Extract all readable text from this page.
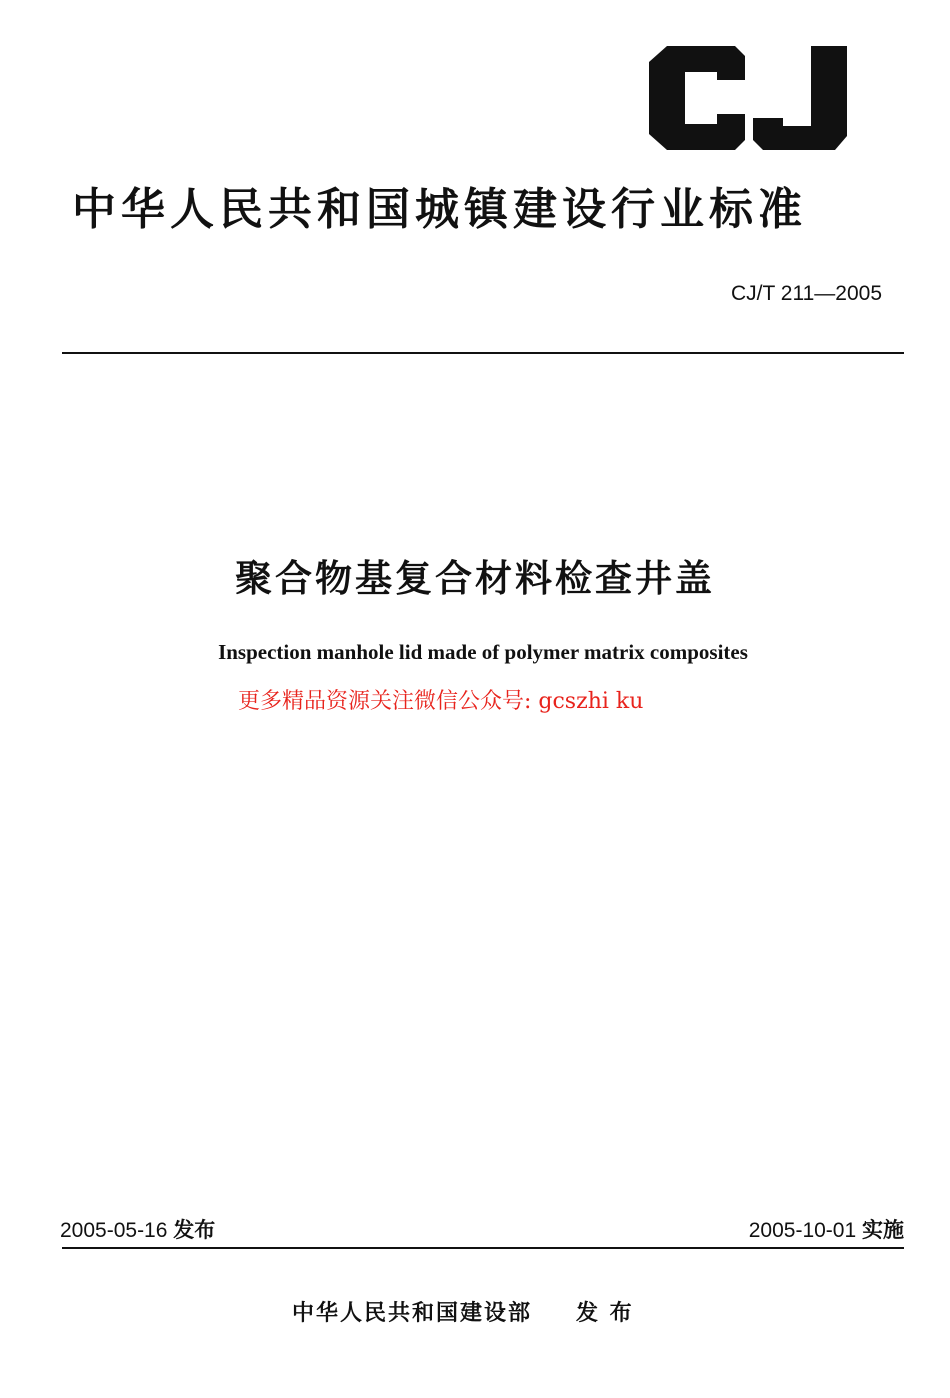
中华人民共和国城镇建设行业标准
CJ/T 211—2005
聚合物基复合材料检查井盖
Inspection manhole lid made of polymer matrix composites
更多精品资源关注微信公众号: gcszhi ku
2005-05-16 发布	2005-10-01 实施
中华人民共和国建设部 发 布
